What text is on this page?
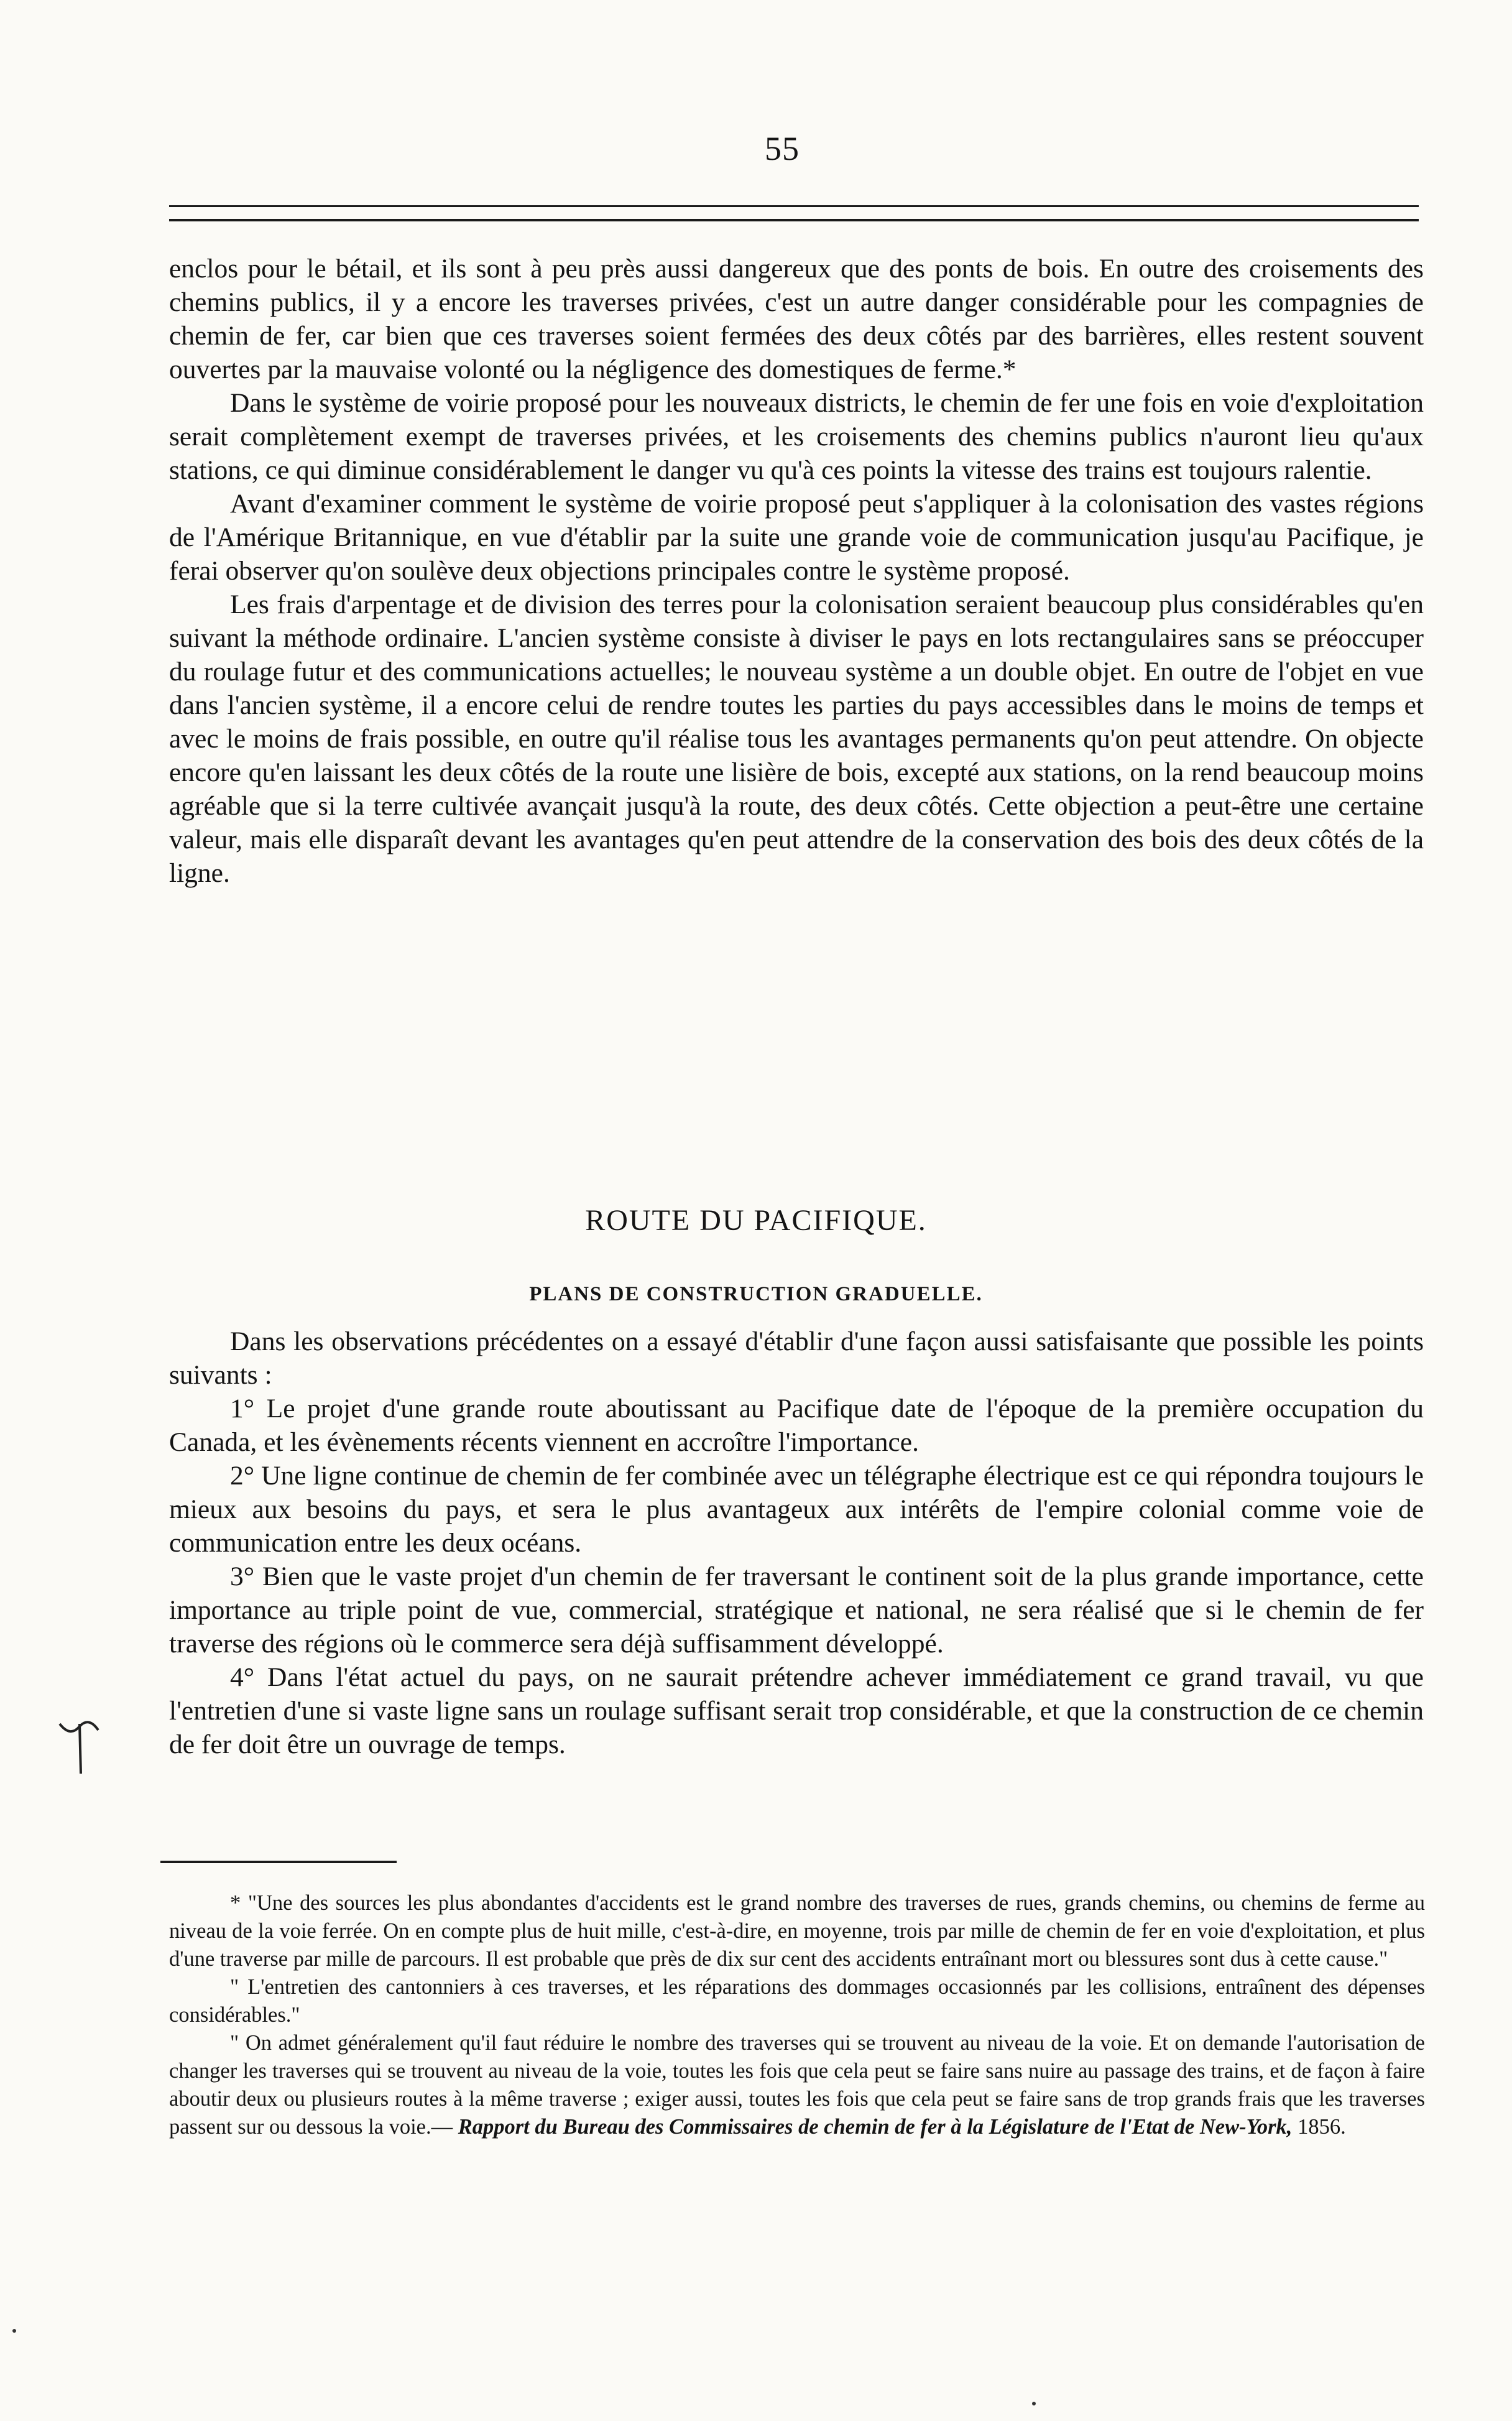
55

enclos pour le bétail, et ils sont à peu près aussi dangereux que des ponts de bois. En outre des croisements des chemins publics, il y a encore les traverses privées, c'est un autre danger considérable pour les compagnies de chemin de fer, car bien que ces traverses soient fermées des deux côtés par des barrières, elles restent souvent ouvertes par la mauvaise volonté ou la négligence des domestiques de ferme.*

Dans le système de voirie proposé pour les nouveaux districts, le chemin de fer une fois en voie d'exploitation serait complètement exempt de traverses privées, et les croisements des chemins publics n'auront lieu qu'aux stations, ce qui diminue considérablement le danger vu qu'à ces points la vitesse des trains est toujours ralentie.

Avant d'examiner comment le système de voirie proposé peut s'appliquer à la colonisation des vastes régions de l'Amérique Britannique, en vue d'établir par la suite une grande voie de communication jusqu'au Pacifique, je ferai observer qu'on soulève deux objections principales contre le système proposé.

Les frais d'arpentage et de division des terres pour la colonisation seraient beaucoup plus considérables qu'en suivant la méthode ordinaire. L'ancien système consiste à diviser le pays en lots rectangulaires sans se préoccuper du roulage futur et des communications actuelles; le nouveau système a un double objet. En outre de l'objet en vue dans l'ancien système, il a encore celui de rendre toutes les parties du pays accessibles dans le moins de temps et avec le moins de frais possible, en outre qu'il réalise tous les avantages permanents qu'on peut attendre. On objecte encore qu'en laissant les deux côtés de la route une lisière de bois, excepté aux stations, on la rend beaucoup moins agréable que si la terre cultivée avançait jusqu'à la route, des deux côtés. Cette objection a peut-être une certaine valeur, mais elle disparaît devant les avantages qu'en peut attendre de la conservation des bois des deux côtés de la ligne.

ROUTE DU PACIFIQUE.
PLANS DE CONSTRUCTION GRADUELLE.

Dans les observations précédentes on a essayé d'établir d'une façon aussi satisfaisante que possible les points suivants :

1° Le projet d'une grande route aboutissant au Pacifique date de l'époque de la première occupation du Canada, et les évènements récents viennent en accroître l'importance.

2° Une ligne continue de chemin de fer combinée avec un télégraphe électrique est ce qui répondra toujours le mieux aux besoins du pays, et sera le plus avantageux aux intérêts de l'empire colonial comme voie de communication entre les deux océans.

3° Bien que le vaste projet d'un chemin de fer traversant le continent soit de la plus grande importance, cette importance au triple point de vue, commercial, stratégique et national, ne sera réalisé que si le chemin de fer traverse des régions où le commerce sera déjà suffisamment développé.

4° Dans l'état actuel du pays, on ne saurait prétendre achever immédiatement ce grand travail, vu que l'entretien d'une si vaste ligne sans un roulage suffisant serait trop considérable, et que la construction de ce chemin de fer doit être un ouvrage de temps.

* "Une des sources les plus abondantes d'accidents est le grand nombre des traverses de rues, grands chemins, ou chemins de ferme au niveau de la voie ferrée. On en compte plus de huit mille, c'est-à-dire, en moyenne, trois par mille de chemin de fer en voie d'exploitation, et plus d'une traverse par mille de parcours. Il est probable que près de dix sur cent des accidents entraînant mort ou blessures sont dus à cette cause."

" L'entretien des cantonniers à ces traverses, et les réparations des dommages occasionnés par les collisions, entraînent des dépenses considérables."

" On admet généralement qu'il faut réduire le nombre des traverses qui se trouvent au niveau de la voie. Et on demande l'autorisation de changer les traverses qui se trouvent au niveau de la voie, toutes les fois que cela peut se faire sans nuire au passage des trains, et de façon à faire aboutir deux ou plusieurs routes à la même traverse ; exiger aussi, toutes les fois que cela peut se faire sans de trop grands frais que les traverses passent sur ou dessous la voie.— Rapport du Bureau des Commissaires de chemin de fer à la Législature de l'Etat de New-York, 1856.
